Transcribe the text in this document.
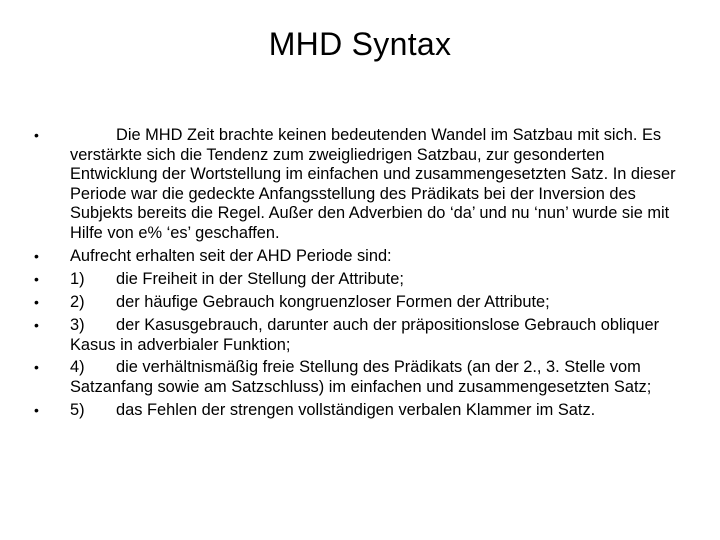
MHD Syntax
•	Die MHD Zeit brachte keinen bedeutenden Wandel im Satzbau mit sich. Es verstärkte sich die Tendenz zum zweigliedrigen Satzbau, zur gesonderten Entwicklung der Wortstellung im einfachen und zusammengesetzten Satz. In dieser Periode war die gedeckte Anfangsstellung des Prädikats bei der Inversion des Subjekts bereits die Regel. Außer den Adverbien do ‘da’ und nu ‘nun’ wurde sie mit Hilfe von e% ‘es’ geschaffen.
•	Aufrecht erhalten seit der AHD Periode sind:
•	1) die Freiheit in der Stellung der Attribute;
•	2) der häufige Gebrauch kongruenzloser Formen der Attribute;
•	3) der Kasusgebrauch, darunter auch der präpositionslose Gebrauch obliquer Kasus in adverbialer Funktion;
•	4) die verhältnismäßig freie Stellung des Prädikats (an der 2., 3. Stelle vom Satzanfang sowie am Satzschluss) im einfachen und zusammengesetzten Satz;
•	5) das Fehlen der strengen vollständigen verbalen Klammer im Satz.
